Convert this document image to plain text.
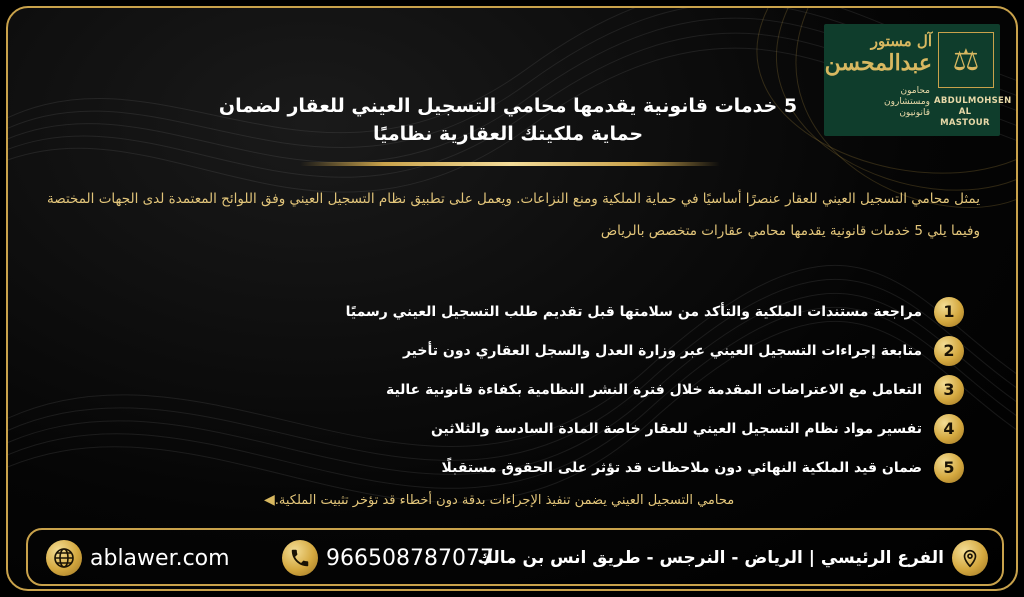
⚖
آل مستور
عبدالمحسن
محامون
ومستشارون
قانونيون
ABDULMOHSEN
AL MASTOUR
5 خدمات قانونية يقدمها محامي التسجيل العيني للعقار لضمان
حماية ملكيتك العقارية نظاميًا

يمثل محامي التسجيل العيني للعقار عنصرًا أساسيًا في حماية الملكية ومنع النزاعات. ويعمل على تطبيق نظام التسجيل العيني وفق اللوائح المعتمدة لدى الجهات المختصة

وفيما يلي 5 خدمات قانونية يقدمها محامي عقارات متخصص بالرياض

1
مراجعة مستندات الملكية والتأكد من سلامتها قبل تقديم طلب التسجيل العيني رسميًا
2
متابعة إجراءات التسجيل العيني عبر وزارة العدل والسجل العقاري دون تأخير
3
التعامل مع الاعتراضات المقدمة خلال فترة النشر النظامية بكفاءة قانونية عالية
4
تفسير مواد نظام التسجيل العيني للعقار خاصة المادة السادسة والثلاثين
5
ضمان قيد الملكية النهائي دون ملاحظات قد تؤثر على الحقوق مستقبلًا
◀ محامي التسجيل العيني يضمن تنفيذ الإجراءات بدقة دون أخطاء قد تؤخر تثبيت الملكية.
ablawer.com	966508787077
الفرع الرئيسي | الرياض - النرجس - طريق انس بن مالك
